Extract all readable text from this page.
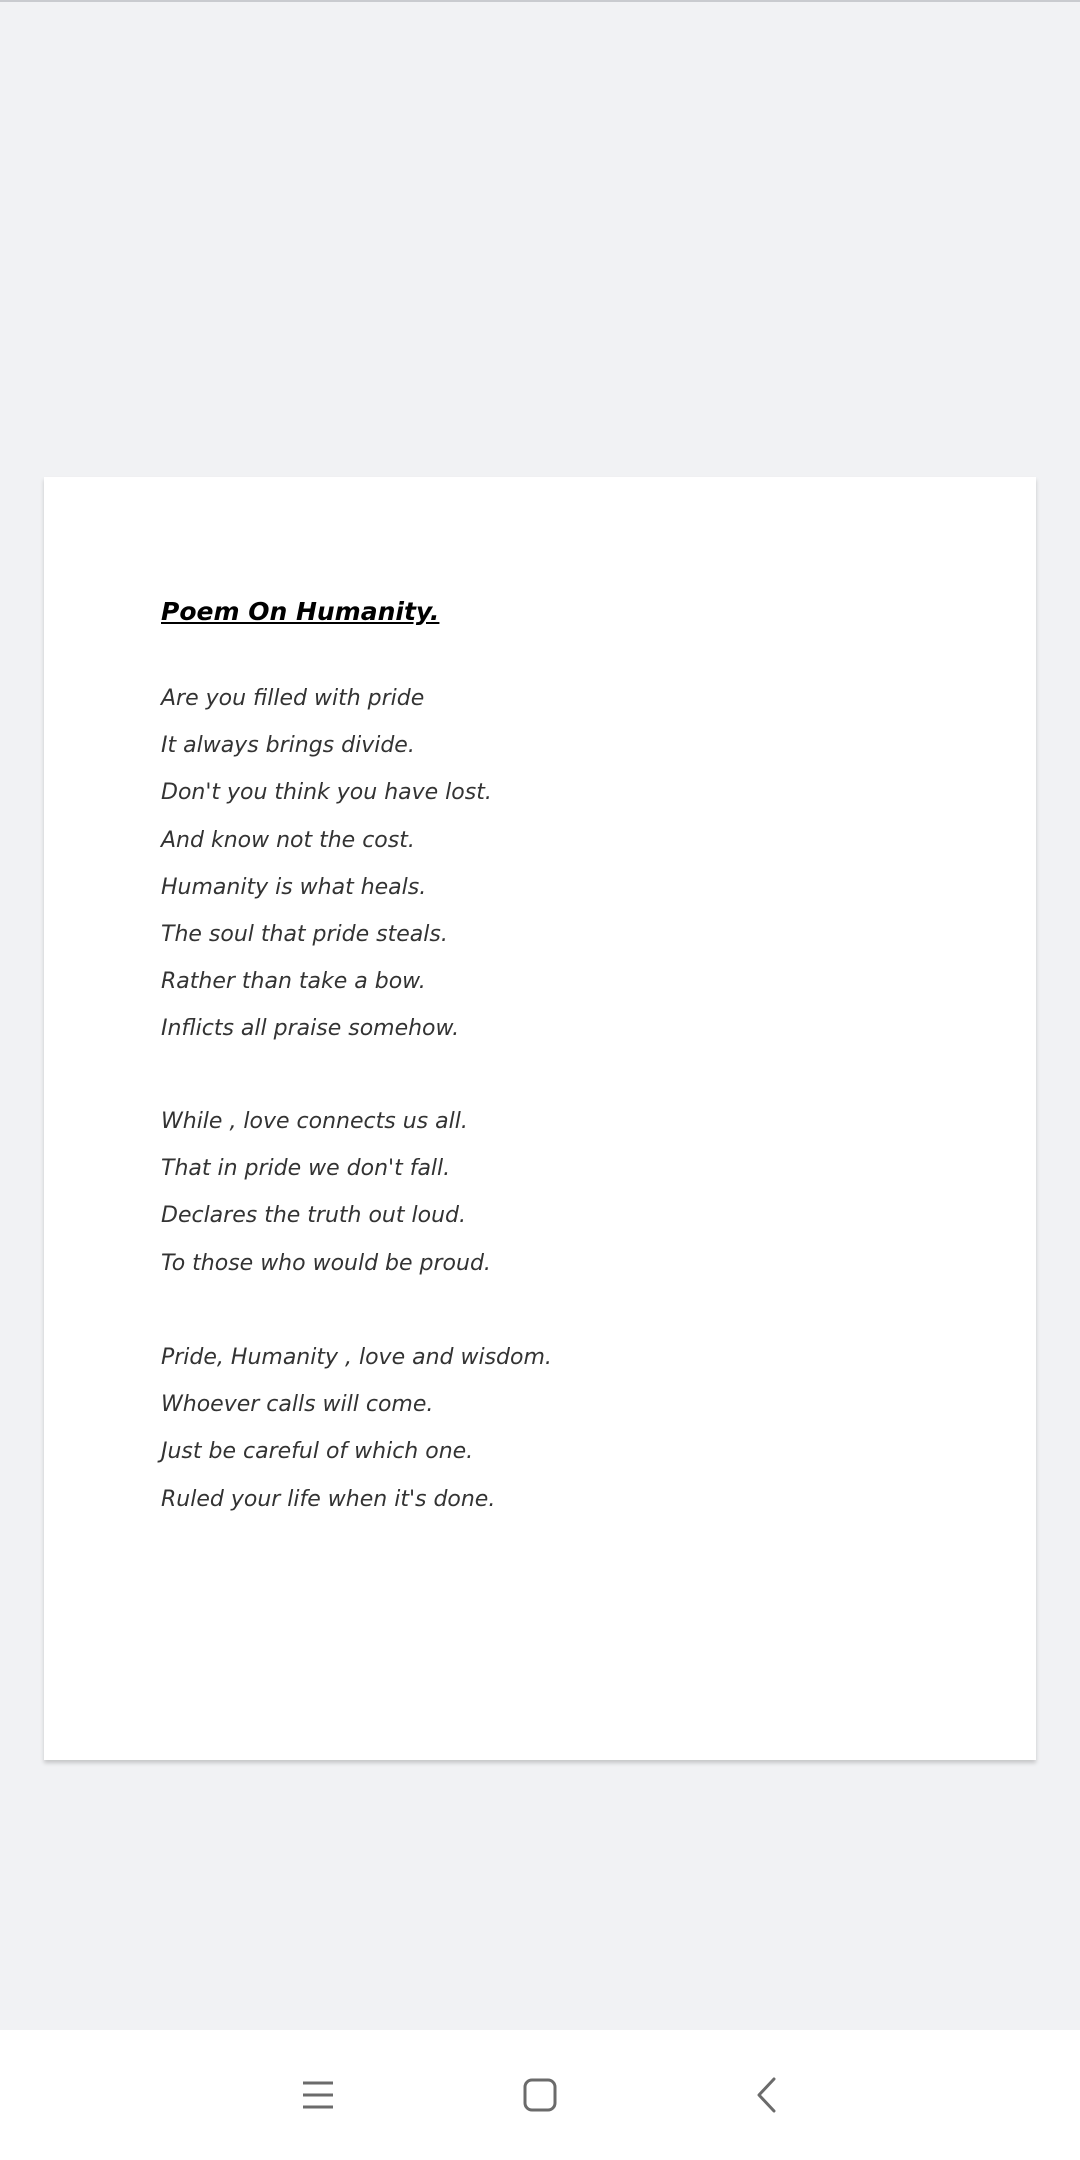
Poem On Humanity.
Are you filled with pride
It always brings divide.
Don't you think you have lost.
And know not the cost.
Humanity is what heals.
The soul that pride steals.
Rather than take a bow.
Inflicts all praise somehow.
While , love connects us all.
That in pride we don't fall.
Declares the truth out loud.
To those who would be proud.
Pride, Humanity , love and wisdom.
Whoever calls will come.
Just be careful of which one.
Ruled your life when it's done.
